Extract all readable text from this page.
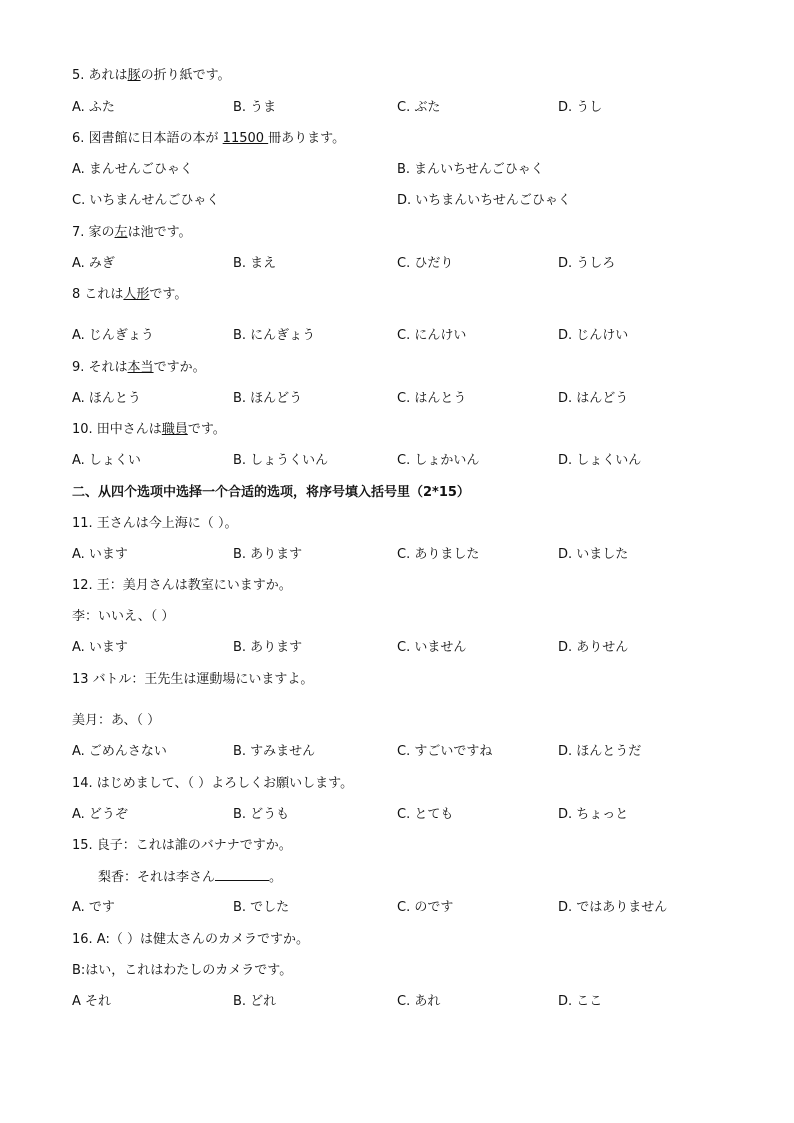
5. あれは豚の折り紙です。
A. ふた	B. うま	C. ぶた	D. うし
6. 図書館に日本語の本が 11500 冊あります。
A. まんせんごひゃく	B. まんいちせんごひゃく
C. いちまんせんごひゃく	D. いちまんいちせんごひゃく
7. 家の左は池です。
A. みぎ	B. まえ	C. ひだり	D. うしろ
8 これは人形です。
A. じんぎょう	B. にんぎょう	C. にんけい	D. じんけい
9. それは本当ですか。
A. ほんとう	B. ほんどう	C. はんとう	D. はんどう
10. 田中さんは職員です。
A. しょくい	B. しょうくいん	C. しょかいん	D. しょくいん
二、从四个选项中选择一个合适的选项，将序号填入括号里（2*15）
11. 王さんは今上海に（ ）。
A. います	B. あります	C. ありました	D. いました
12. 王：美月さんは教室にいますか。
李：いいえ、（ ）
A. います	B. あります	C. いません	D. ありせん
13 バトル：王先生は運動場にいますよ。
美月：あ、（ ）
A. ごめんさない	B. すみません	C. すごいですね	D. ほんとうだ
14. はじめまして、（ ）よろしくお願いします。
A. どうぞ	B. どうも	C. とても	D. ちょっと
15. 良子：これは誰のバナナですか。
梨香：それは李さん	。
A. です	B. でした	C. のです	D. ではありません
16. A:（ ）は健太さんのカメラですか。
B:はい，これはわたしのカメラです。
A それ	B. どれ	C. あれ	D. ここ
